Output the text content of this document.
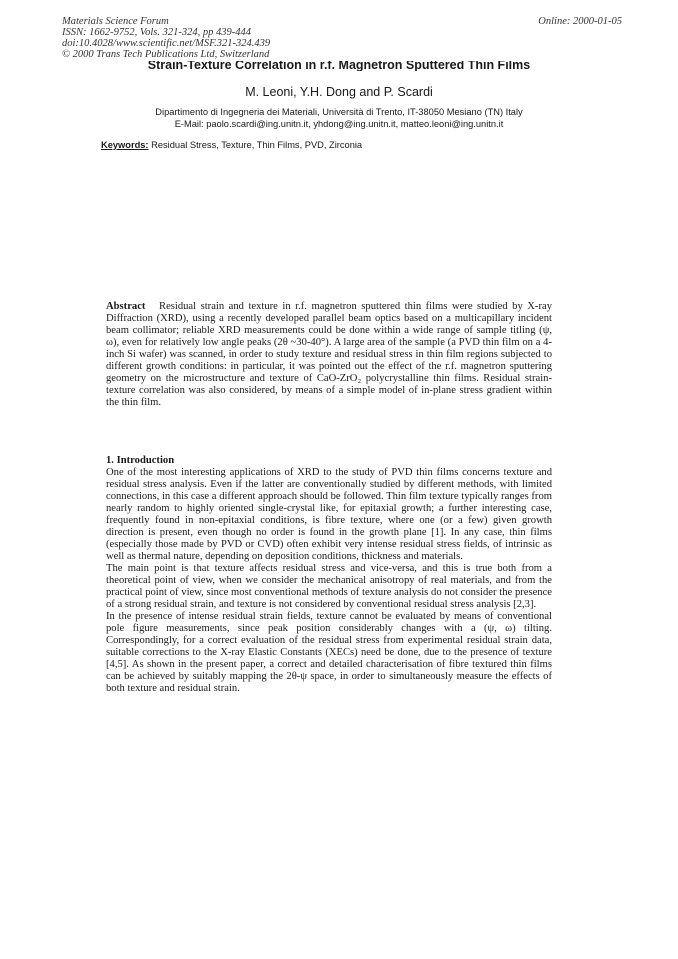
Materials Science Forum
ISSN: 1662-9752, Vols. 321-324, pp 439-444
doi:10.4028/www.scientific.net/MSF.321-324.439
© 2000 Trans Tech Publications Ltd, Switzerland
Online: 2000-01-05
Strain-Texture Correlation in r.f. Magnetron Sputtered Thin Films
M. Leoni, Y.H. Dong and P. Scardi
Dipartimento di Ingegneria dei Materiali, Università di Trento, IT-38050 Mesiano (TN) Italy
E-Mail: paolo.scardi@ing.unitn.it, yhdong@ing.unitn.it, matteo.leoni@ing.unitn.it
Keywords: Residual Stress, Texture, Thin Films, PVD, Zirconia
Abstract Residual strain and texture in r.f. magnetron sputtered thin films were studied by X-ray Diffraction (XRD), using a recently developed parallel beam optics based on a multicapillary incident beam collimator; reliable XRD measurements could be done within a wide range of sample titling (ψ, ω), even for relatively low angle peaks (2θ ~30-40°). A large area of the sample (a PVD thin film on a 4-inch Si wafer) was scanned, in order to study texture and residual stress in thin film regions subjected to different growth conditions: in particular, it was pointed out the effect of the r.f. magnetron sputtering geometry on the microstructure and texture of CaO-ZrO₂ polycrystalline thin films. Residual strain-texture correlation was also considered, by means of a simple model of in-plane stress gradient within the thin film.
1. Introduction

One of the most interesting applications of XRD to the study of PVD thin films concerns texture and residual stress analysis. Even if the latter are conventionally studied by different methods, with limited connections, in this case a different approach should be followed. Thin film texture typically ranges from nearly random to highly oriented single-crystal like, for epitaxial growth; a further interesting case, frequently found in non-epitaxial conditions, is fibre texture, where one (or a few) given growth direction is present, even though no order is found in the growth plane [1]. In any case, thin films (especially those made by PVD or CVD) often exhibit very intense residual stress fields, of intrinsic as well as thermal nature, depending on deposition conditions, thickness and materials.

The main point is that texture affects residual stress and vice-versa, and this is true both from a theoretical point of view, when we consider the mechanical anisotropy of real materials, and from the practical point of view, since most conventional methods of texture analysis do not consider the presence of a strong residual strain, and texture is not considered by conventional residual stress analysis [2,3].

In the presence of intense residual strain fields, texture cannot be evaluated by means of conventional pole figure measurements, since peak position considerably changes with a (ψ, ω) tilting. Correspondingly, for a correct evaluation of the residual stress from experimental residual strain data, suitable corrections to the X-ray Elastic Constants (XECs) need be done, due to the presence of texture [4,5]. As shown in the present paper, a correct and detailed characterisation of fibre textured thin films can be achieved by suitably mapping the 2θ-ψ space, in order to simultaneously measure the effects of both texture and residual strain.
